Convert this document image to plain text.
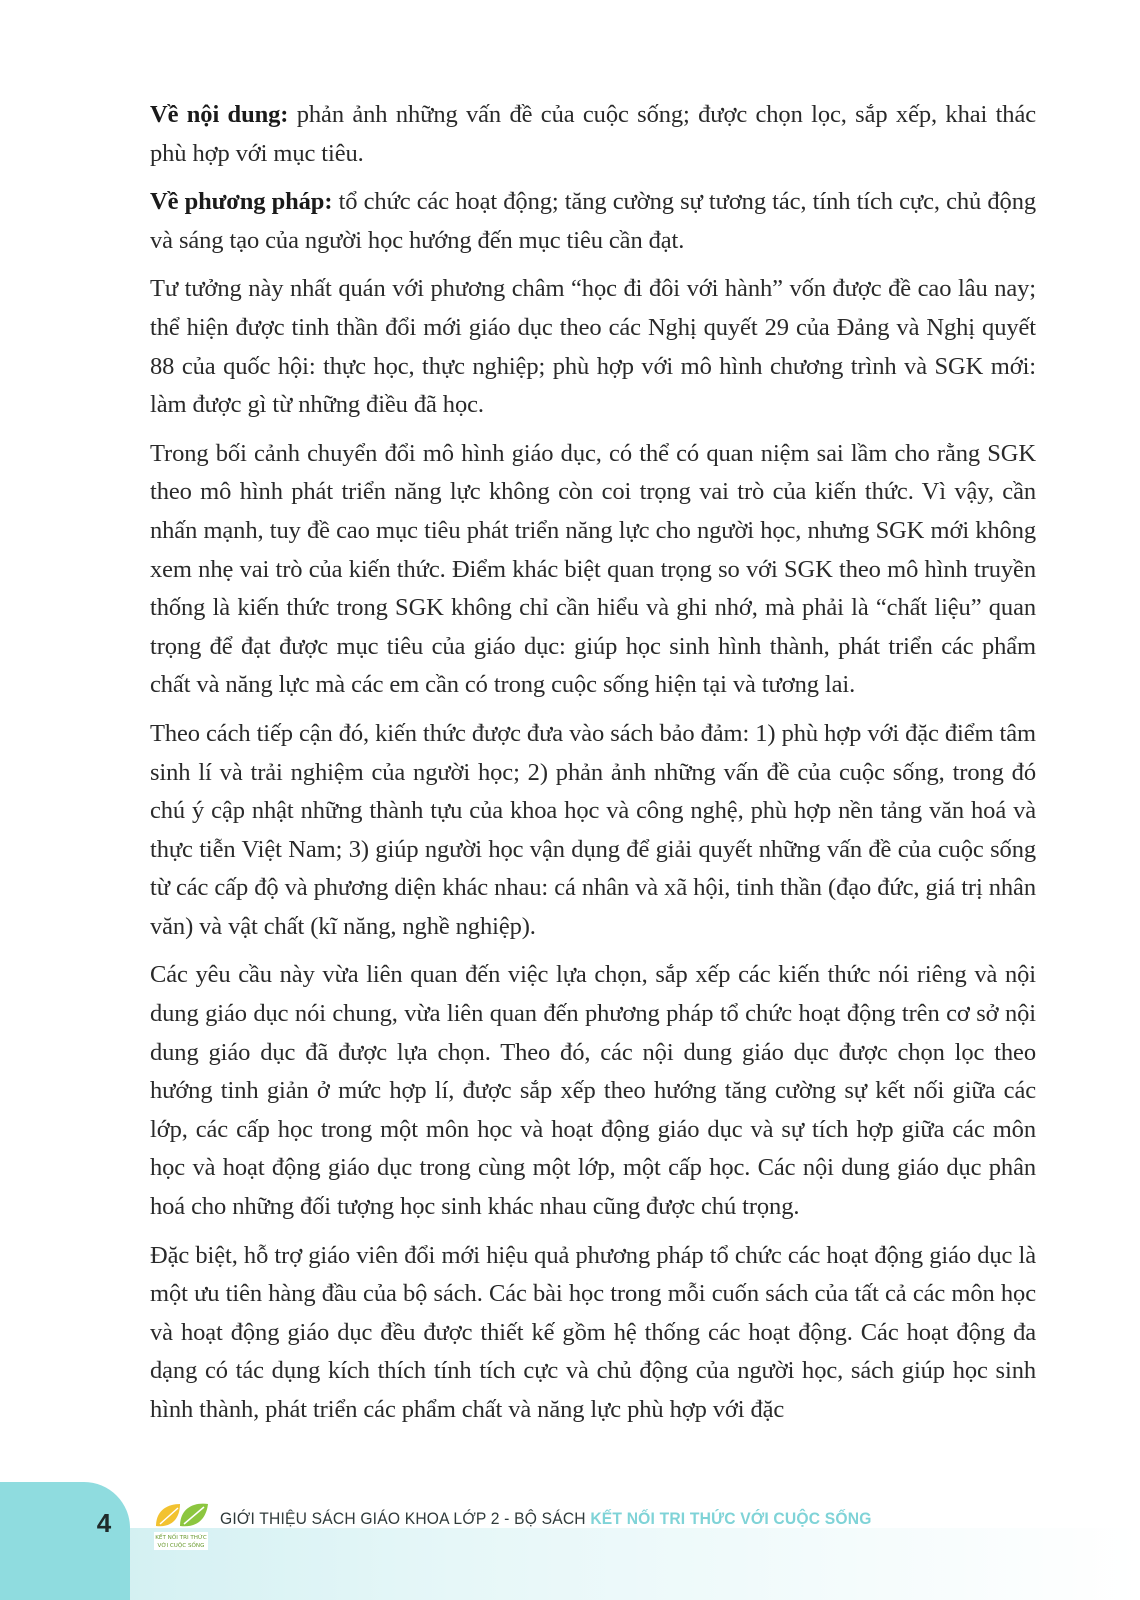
Về nội dung: phản ảnh những vấn đề của cuộc sống; được chọn lọc, sắp xếp, khai thác phù hợp với mục tiêu.

Về phương pháp: tổ chức các hoạt động; tăng cường sự tương tác, tính tích cực, chủ động và sáng tạo của người học hướng đến mục tiêu cần đạt.

Tư tưởng này nhất quán với phương châm “học đi đôi với hành” vốn được đề cao lâu nay; thể hiện được tinh thần đổi mới giáo dục theo các Nghị quyết 29 của Đảng và Nghị quyết 88 của quốc hội: thực học, thực nghiệp; phù hợp với mô hình chương trình và SGK mới: làm được gì từ những điều đã học.

Trong bối cảnh chuyển đổi mô hình giáo dục, có thể có quan niệm sai lầm cho rằng SGK theo mô hình phát triển năng lực không còn coi trọng vai trò của kiến thức. Vì vậy, cần nhấn mạnh, tuy đề cao mục tiêu phát triển năng lực cho người học, nhưng SGK mới không xem nhẹ vai trò của kiến thức. Điểm khác biệt quan trọng so với SGK theo mô hình truyền thống là kiến thức trong SGK không chỉ cần hiểu và ghi nhớ, mà phải là “chất liệu” quan trọng để đạt được mục tiêu của giáo dục: giúp học sinh hình thành, phát triển các phẩm chất và năng lực mà các em cần có trong cuộc sống hiện tại và tương lai.

Theo cách tiếp cận đó, kiến thức được đưa vào sách bảo đảm: 1) phù hợp với đặc điểm tâm sinh lí và trải nghiệm của người học; 2) phản ảnh những vấn đề của cuộc sống, trong đó chú ý cập nhật những thành tựu của khoa học và công nghệ, phù hợp nền tảng văn hoá và thực tiễn Việt Nam; 3) giúp người học vận dụng để giải quyết những vấn đề của cuộc sống từ các cấp độ và phương diện khác nhau: cá nhân và xã hội, tinh thần (đạo đức, giá trị nhân văn) và vật chất (kĩ năng, nghề nghiệp).

Các yêu cầu này vừa liên quan đến việc lựa chọn, sắp xếp các kiến thức nói riêng và nội dung giáo dục nói chung, vừa liên quan đến phương pháp tổ chức hoạt động trên cơ sở nội dung giáo dục đã được lựa chọn. Theo đó, các nội dung giáo dục được chọn lọc theo hướng tinh giản ở mức hợp lí, được sắp xếp theo hướng tăng cường sự kết nối giữa các lớp, các cấp học trong một môn học và hoạt động giáo dục và sự tích hợp giữa các môn học và hoạt động giáo dục trong cùng một lớp, một cấp học. Các nội dung giáo dục phân hoá cho những đối tượng học sinh khác nhau cũng được chú trọng.

Đặc biệt, hỗ trợ giáo viên đổi mới hiệu quả phương pháp tổ chức các hoạt động giáo dục là một ưu tiên hàng đầu của bộ sách. Các bài học trong mỗi cuốn sách của tất cả các môn học và hoạt động giáo dục đều được thiết kế gồm hệ thống các hoạt động. Các hoạt động đa dạng có tác dụng kích thích tính tích cực và chủ động của người học, sách giúp học sinh hình thành, phát triển các phẩm chất và năng lực phù hợp với đặc

4	KẾT NỐI TRI THỨC
VỚI CUỘC SỐNG
GIỚI THIỆU SÁCH GIÁO KHOA LỚP 2 - BỘ SÁCH KẾT NỐI TRI THỨC VỚI CUỘC SỐNG
